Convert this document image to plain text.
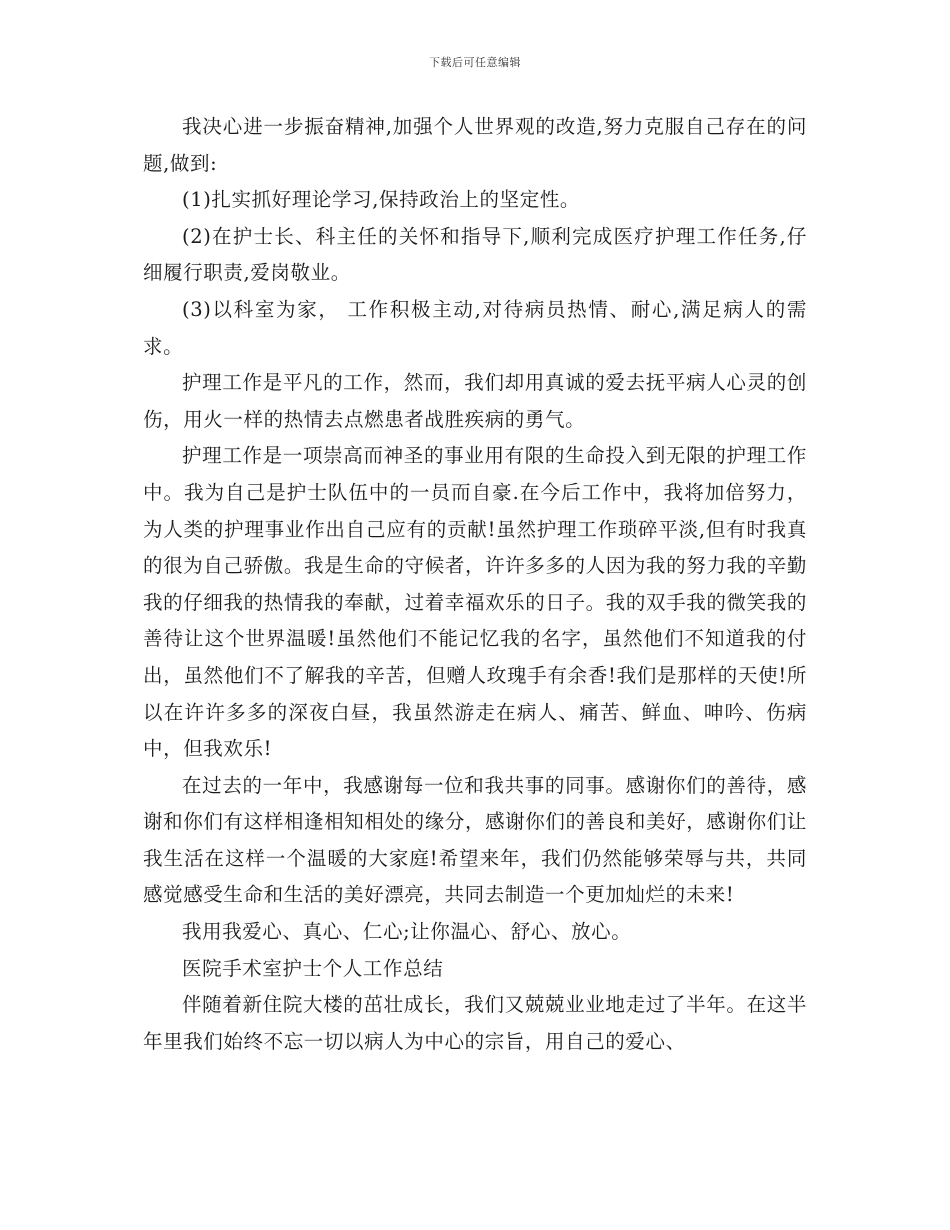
下载后可任意编辑

我决心进一步振奋精神,加强个人世界观的改造,努力克服自己存在的问题,做到:

(1)扎实抓好理论学习,保持政治上的坚定性。

(2)在护士长、科主任的关怀和指导下,顺利完成医疗护理工作任务,仔细履行职责,爱岗敬业。

(3)以科室为家， 工作积极主动,对待病员热情、耐心,满足病人的需求。

护理工作是平凡的工作，然而，我们却用真诚的爱去抚平病人心灵的创伤，用火一样的热情去点燃患者战胜疾病的勇气。

护理工作是一项崇高而神圣的事业用有限的生命投入到无限的护理工作中。我为自己是护士队伍中的一员而自豪.在今后工作中，我将加倍努力，为人类的护理事业作出自己应有的贡献!虽然护理工作琐碎平淡,但有时我真的很为自己骄傲。我是生命的守候者，许许多多的人因为我的努力我的辛勤我的仔细我的热情我的奉献，过着幸福欢乐的日子。我的双手我的微笑我的善待让这个世界温暖!虽然他们不能记忆我的名字，虽然他们不知道我的付出，虽然他们不了解我的辛苦，但赠人玫瑰手有余香!我们是那样的天使!所以在许许多多的深夜白昼，我虽然游走在病人、痛苦、鲜血、呻吟、伤病中，但我欢乐!

在过去的一年中，我感谢每一位和我共事的同事。感谢你们的善待，感谢和你们有这样相逢相知相处的缘分，感谢你们的善良和美好，感谢你们让我生活在这样一个温暖的大家庭!希望来年，我们仍然能够荣辱与共，共同感觉感受生命和生活的美好漂亮，共同去制造一个更加灿烂的未来!

我用我爱心、真心、仁心;让你温心、舒心、放心。

医院手术室护士个人工作总结

伴随着新住院大楼的茁壮成长，我们又兢兢业业地走过了半年。在这半年里我们始终不忘一切以病人为中心的宗旨，用自己的爱心、
